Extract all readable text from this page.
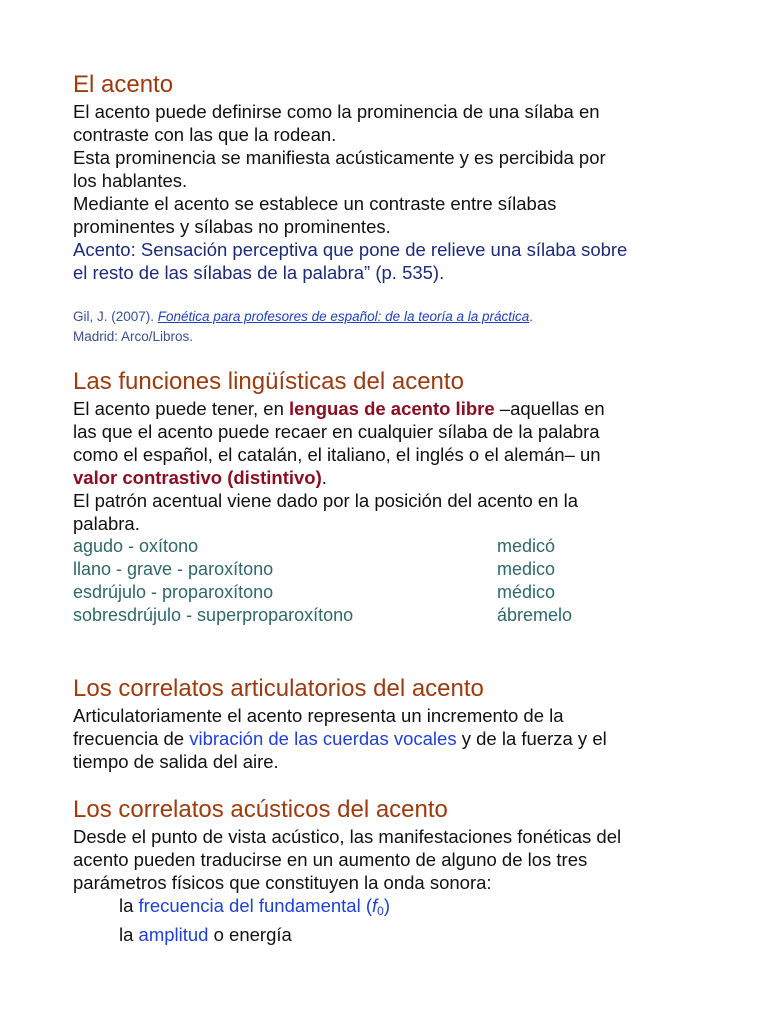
El acento

El acento puede definirse como la prominencia de una sílaba en

contraste con las que la rodean.

Esta prominencia se manifiesta acústicamente y es percibida por

los hablantes.

Mediante el acento se establece un contraste entre sílabas

prominentes y sílabas no prominentes.

Acento: Sensación perceptiva que pone de relieve una sílaba sobre

el resto de las sílabas de la palabra” (p. 535).

Gil, J. (2007). Fonética para profesores de español: de la teoría a la práctica.
Madrid: Arco/Libros.
Las funciones lingüísticas del acento

El acento puede tener, en lenguas de acento libre –aquellas en

las que el acento puede recaer en cualquier sílaba de la palabra

como el español, el catalán, el italiano, el inglés o el alemán– un

valor contrastivo (distintivo).

El patrón acentual viene dado por la posición del acento en la

palabra.

agudo - oxítono	medicó
llano - grave - paroxítono	medico
esdrújulo - proparoxítono	médico
sobresdrújulo - superproparoxítono	ábremelo
Los correlatos articulatorios del acento

Articulatoriamente el acento representa un incremento de la

frecuencia de vibración de las cuerdas vocales y de la fuerza y el

tiempo de salida del aire.

Los correlatos acústicos del acento

Desde el punto de vista acústico, las manifestaciones fonéticas del

acento pueden traducirse en un aumento de alguno de los tres

parámetros físicos que constituyen la onda sonora:

la frecuencia del fundamental $(f_0)$

la amplitud o energía
